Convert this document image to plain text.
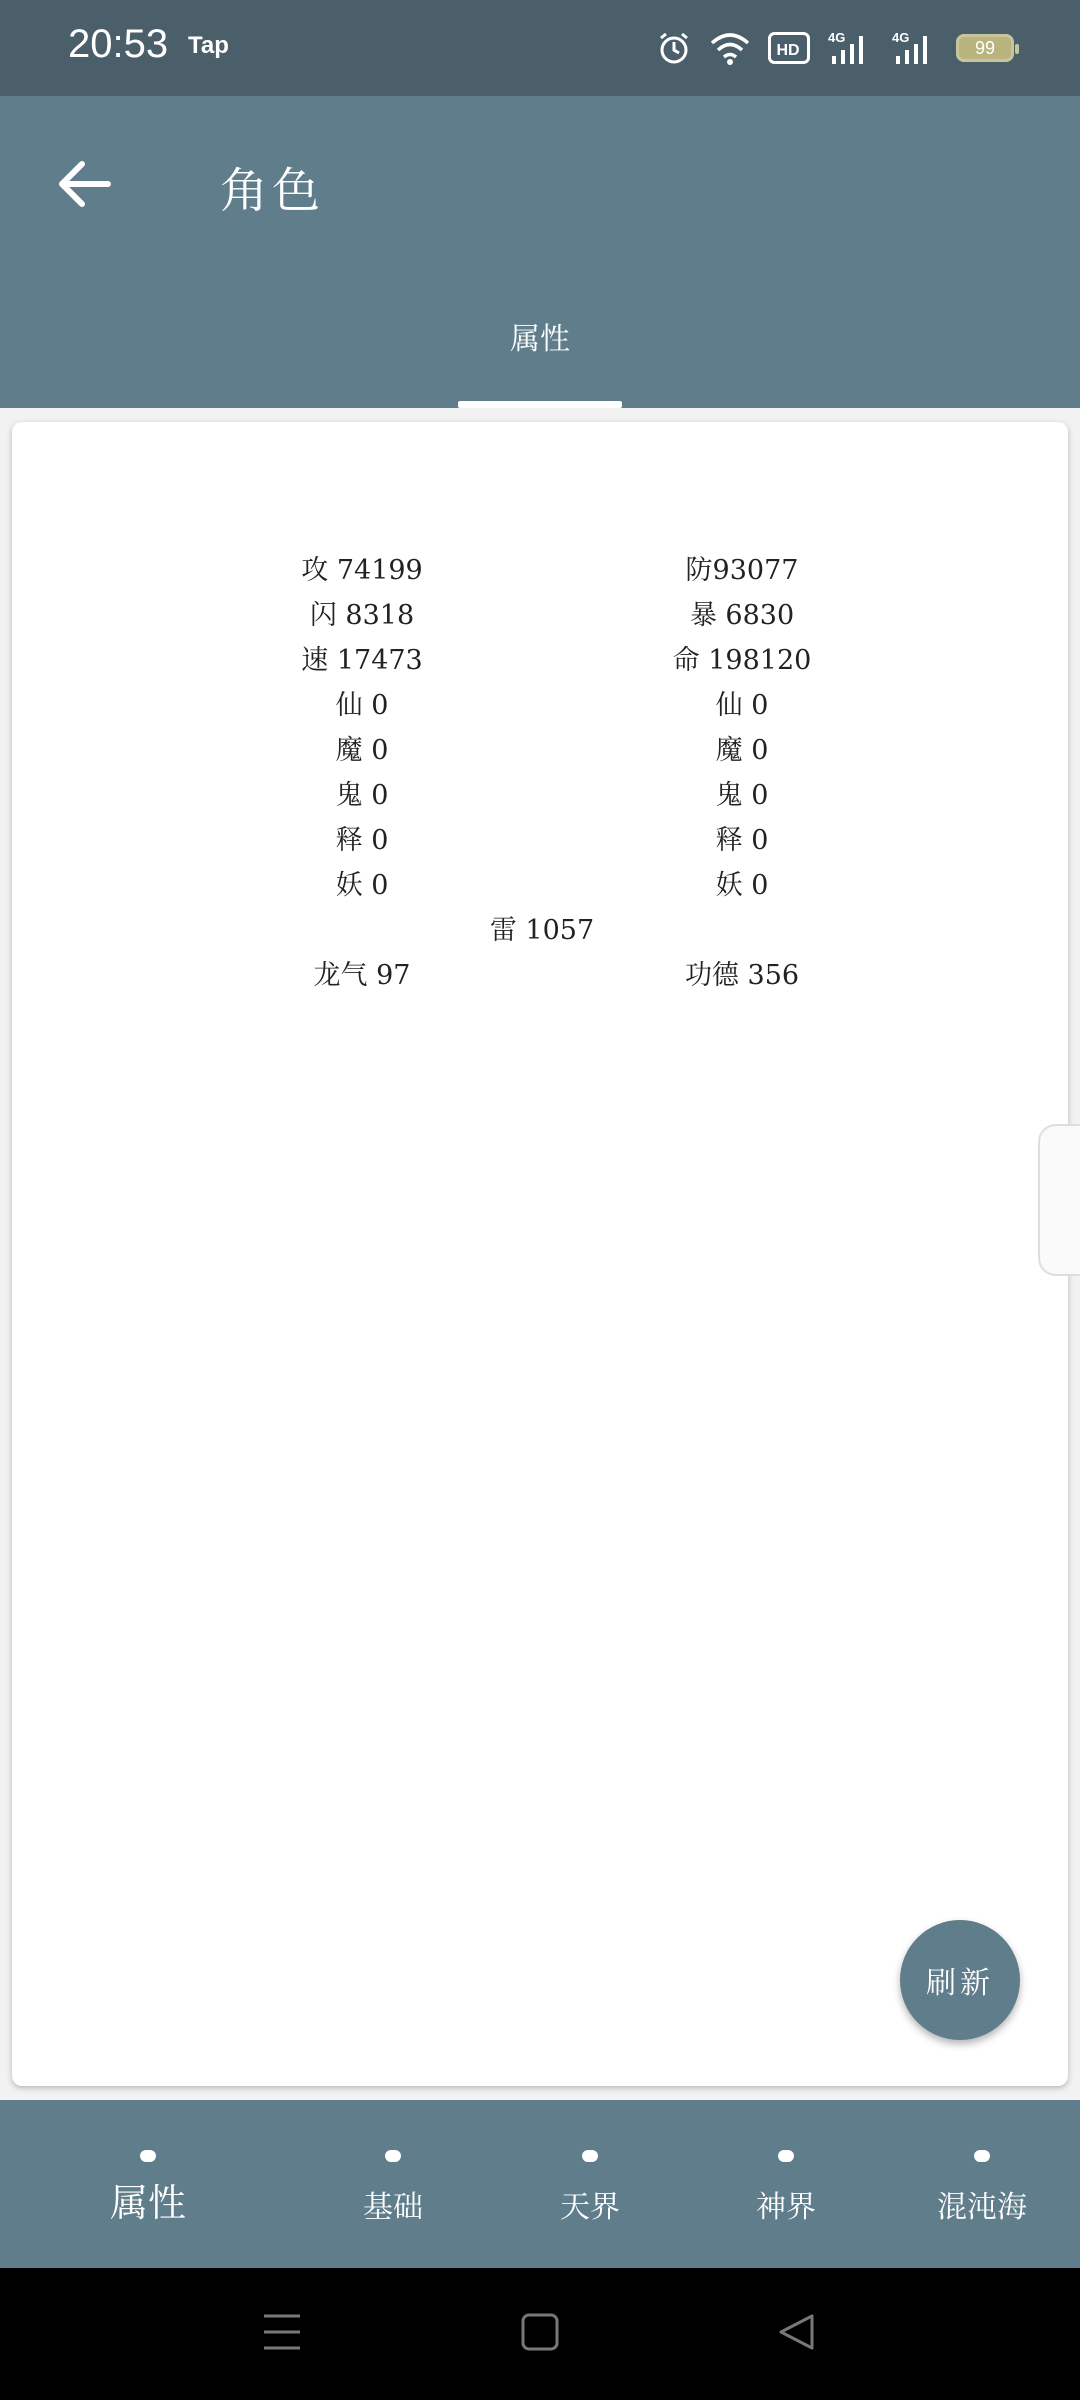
20:53 Tap	HD
4G	4G	99
角色
属性
攻 74199	防93077
闪 8318	暴 6830
速 17473	命 198120
仙 0	仙 0
魔 0	魔 0
鬼 0	鬼 0
释 0	释 0
妖 0	妖 0
雷 1057
龙气 97	功德 356
刷新
属性	基础	天界	神界	混沌海
